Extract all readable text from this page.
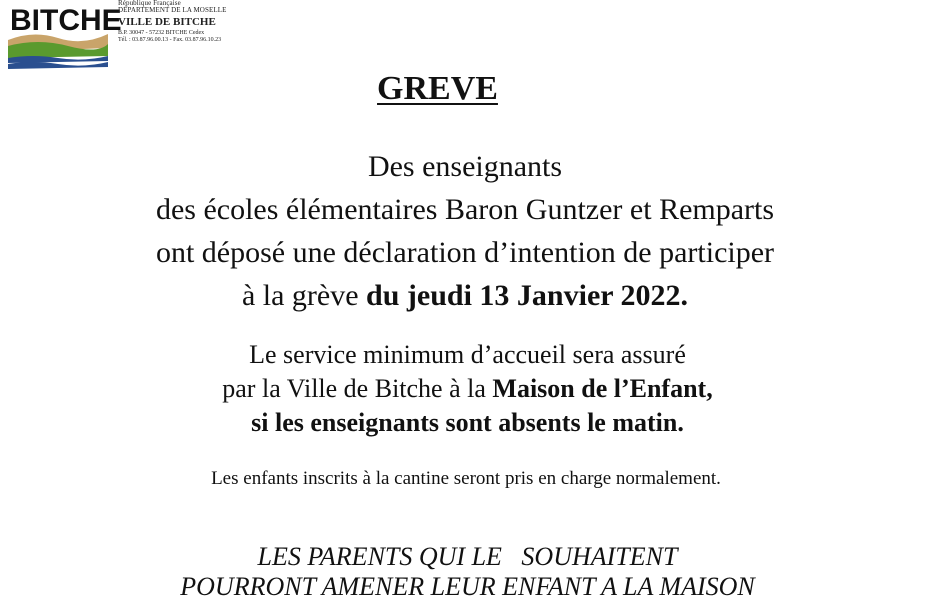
BITCHE
République Française
DÉPARTEMENT DE LA MOSELLE
VILLE DE BITCHE
B.P. 30047 - 57232 BITCHE Cedex
Tél. : 03.87.96.00.13 - Fax. 03.87.96.10.23
GREVE
Des enseignants
des écoles élémentaires Baron Guntzer et Remparts
ont déposé une déclaration d’intention de participer
à la grève du jeudi 13 Janvier 2022.
Le service minimum d’accueil sera assuré
par la Ville de Bitche à la Maison de l’Enfant,
si les enseignants sont absents le matin.
Les enfants inscrits à la cantine seront pris en charge normalement.
LES PARENTS QUI LE   SOUHAITENT
POURRONT AMENER LEUR ENFANT A LA MAISON
